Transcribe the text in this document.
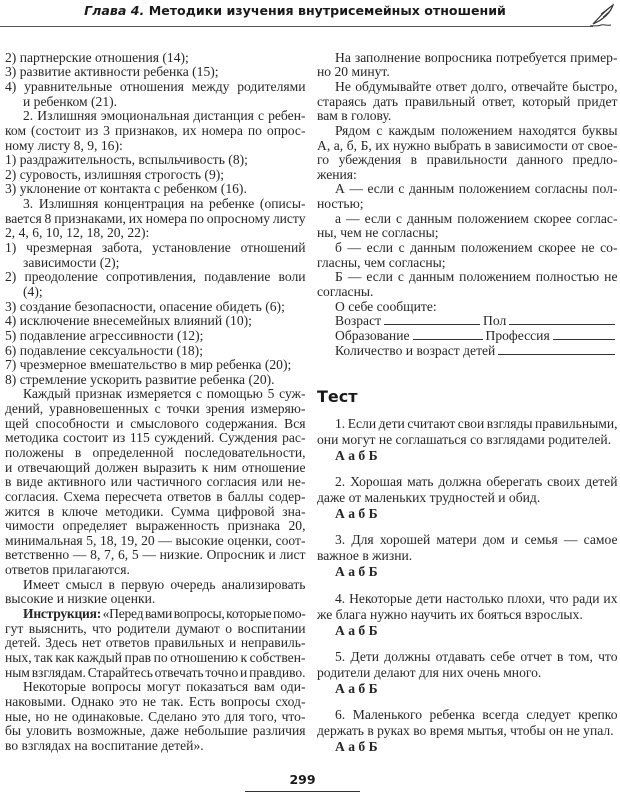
Глава 4. Методики изучения внутрисемейных отношений
2) партнерские отношения (14);
3) развитие активности ребенка (15);
4) уравнительные отношения между родителями
и ребенком (21).
2. Излишняя эмоциональная дистанция с ребен-
ком (состоит из 3 признаков, их номера по опрос-
ному листу 8, 9, 16):
1) раздражительность, вспыльчивость (8);
2) суровость, излишняя строгость (9);
3) уклонение от контакта с ребенком (16).
3. Излишняя концентрация на ребенке (описы-
вается 8 признаками, их номера по опросному листу
2, 4, 6, 10, 12, 18, 20, 22):
1) чрезмерная забота, установление отношений
зависимости (2);
2) преодоление сопротивления, подавление воли
(4);
3) создание безопасности, опасение обидеть (6);
4) исключение внесемейных влияний (10);
5) подавление агрессивности (12);
6) подавление сексуальности (18);
7) чрезмерное вмешательство в мир ребенка (20);
8) стремление ускорить развитие ребенка (20).
Каждый признак измеряется с помощью 5 суж-
дений, уравновешенных с точки зрения измеряю-
щей способности и смыслового содержания. Вся
методика состоит из 115 суждений. Суждения рас-
положены в определенной последовательности,
и отвечающий должен выразить к ним отношение
в виде активного или частичного согласия или не-
согласия. Схема пересчета ответов в баллы содер-
жится в ключе методики. Сумма цифровой зна-
чимости определяет выраженность признака 20,
минимальная 5, 18, 19, 20 — высокие оценки, соот-
ветственно — 8, 7, 6, 5 — низкие. Опросник и лист
ответов прилагаются.
Имеет смысл в первую очередь анализировать
высокие и низкие оценки.
Инструкция: «Перед вами вопросы, которые помо-
гут выяснить, что родители думают о воспитании
детей. Здесь нет ответов правильных и неправиль-
ных, так как каждый прав по отношению к собствен-
ным взглядам. Старайтесь отвечать точно и правдиво.
Некоторые вопросы могут показаться вам оди-
наковыми. Однако это не так. Есть вопросы сход-
ные, но не одинаковые. Сделано это для того, что-
бы уловить возможные, даже небольшие различия
во взглядах на воспитание детей».
На заполнение вопросника потребуется пример-
но 20 минут.
Не обдумывайте ответ долго, отвечайте быстро,
стараясь дать правильный ответ, который придет
вам в голову.
Рядом с каждым положением находятся буквы
А, а, б, Б, их нужно выбрать в зависимости от свое-
го убеждения в правильности данного предло-
жения:
А — если с данным положением согласны пол-
ностью;
а — если с данным положением скорее соглас-
ны, чем не согласны;
б — если с данным положением скорее не со-
гласны, чем согласны;
Б — если с данным положением полностью не
согласны.
О себе сообщите:
Возраст	Пол
Образование	Профессия
Количество и возраст детей
Тест
1. Если дети считают свои взгляды правильными,
они могут не соглашаться со взглядами родителей.
А а б Б
2. Хорошая мать должна оберегать своих детей
даже от маленьких трудностей и обид.
А а б Б
3. Для хорошей матери дом и семья — самое
важное в жизни.
А а б Б
4. Некоторые дети настолько плохи, что ради их
же блага нужно научить их бояться взрослых.
А а б Б
5. Дети должны отдавать себе отчет в том, что
родители делают для них очень много.
А а б Б
6. Маленького ребенка всегда следует крепко
держать в руках во время мытья, чтобы он не упал.
А а б Б
299
